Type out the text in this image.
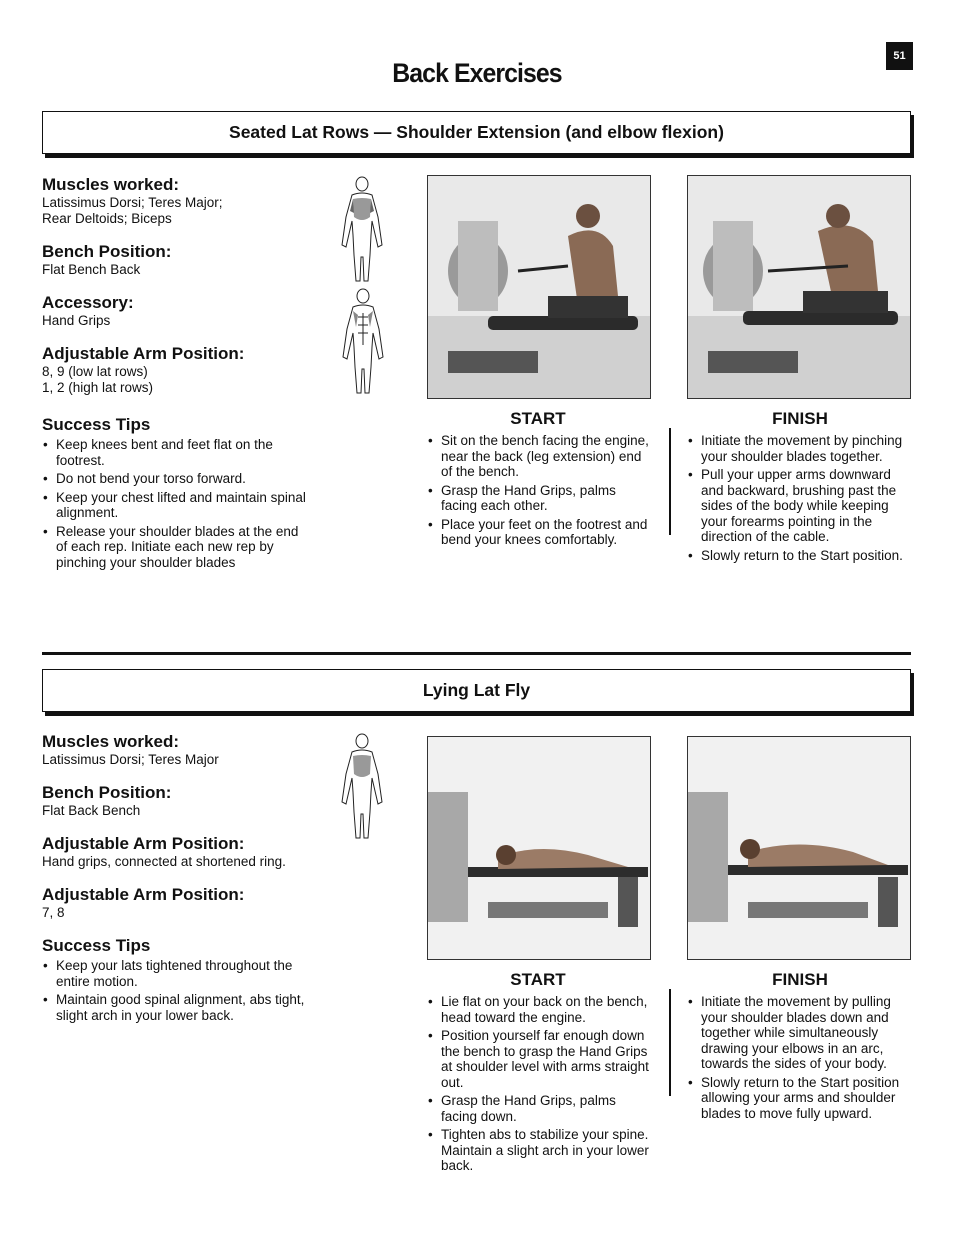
51
Back Exercises
Seated Lat Rows — Shoulder Extension (and elbow flexion)
Muscles worked:

Latissimus Dorsi; Teres Major;

Rear Deltoids; Biceps

Bench Position:

Flat Bench Back

Accessory:

Hand Grips

Adjustable Arm Position:

8, 9 (low lat rows)

1, 2 (high lat rows)

Success Tips
• Keep knees bent and feet flat on the footrest.
• Do not bend your torso forward.
• Keep your chest lifted and maintain spinal alignment.
• Release your shoulder blades at the end of each rep. Initiate each new rep by pinching your shoulder blades
START
• Sit on the bench facing the engine, near the back (leg extension) end of the bench.
• Grasp the Hand Grips, palms facing each other.
• Place your feet on the footrest and bend your knees comfortably.
FINISH
• Initiate the movement by pinching your shoulder blades together.
• Pull your upper arms downward and backward, brushing past the sides of the body while keeping your forearms pointing in the direction of the cable.
• Slowly return to the Start position.
Lying Lat Fly
Muscles worked:

Latissimus Dorsi; Teres Major

Bench Position:

Flat Back Bench

Adjustable Arm Position:

Hand grips, connected at shortened ring.

Adjustable Arm Position:

7, 8

Success Tips
• Keep your lats tightened throughout the entire motion.
• Maintain good spinal alignment, abs tight, slight arch in your lower back.
START
• Lie flat on your back on the bench, head toward the engine.
• Position yourself far enough down the bench to grasp the Hand Grips at shoulder level with arms straight out.
• Grasp the Hand Grips, palms facing down.
• Tighten abs to stabilize your spine. Maintain a slight arch in your lower back.
FINISH
• Initiate the movement by pulling your shoulder blades down and together while simultaneously drawing your elbows in an arc, towards the sides of your body.
• Slowly return to the Start position allowing your arms and shoulder blades to move fully upward.
